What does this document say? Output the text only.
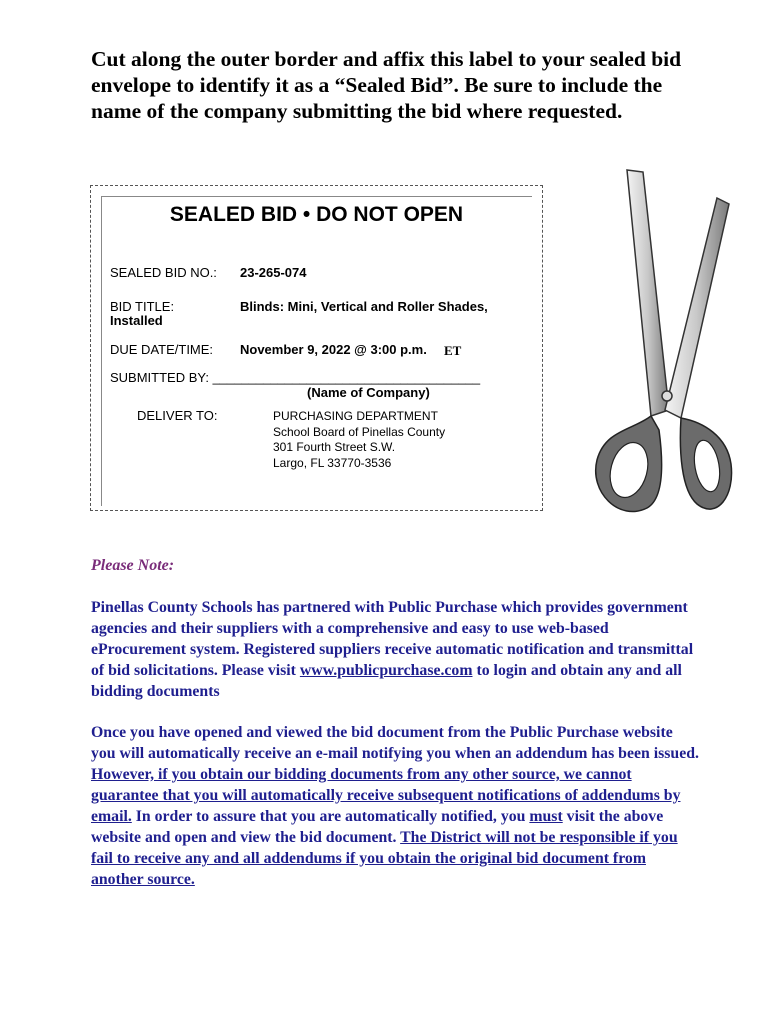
Cut along the outer border and affix this label to your sealed bid envelope to identify it as a “Sealed Bid”. Be sure to include the name of the company submitting the bid where requested.

SEALED BID • DO NOT OPEN
SEALED BID NO.: 23-265-074
BID TITLE:	Blinds: Mini, Vertical and Roller Shades,
Installed
DUE DATE/TIME: November 9, 2022 @ 3:00 p.m. ET
SUBMITTED BY: _____________________________________
(Name of Company)
DELIVER TO:	PURCHASING DEPARTMENT
School Board of Pinellas County
301 Fourth Street S.W.
Largo, FL 33770-3536
Please Note:

Pinellas County Schools has partnered with Public Purchase which provides government agencies and their suppliers with a comprehensive and easy to use web-based eProcurement system. Registered suppliers receive automatic notification and transmittal of bid solicitations. Please visit www.publicpurchase.com to login and obtain any and all bidding documents

Once you have opened and viewed the bid document from the Public Purchase website you will automatically receive an e-mail notifying you when an addendum has been issued. However, if you obtain our bidding documents from any other source, we cannot guarantee that you will automatically receive subsequent notifications of addendums by email. In order to assure that you are automatically notified, you must visit the above website and open and view the bid document. The District will not be responsible if you fail to receive any and all addendums if you obtain the original bid document from another source.
